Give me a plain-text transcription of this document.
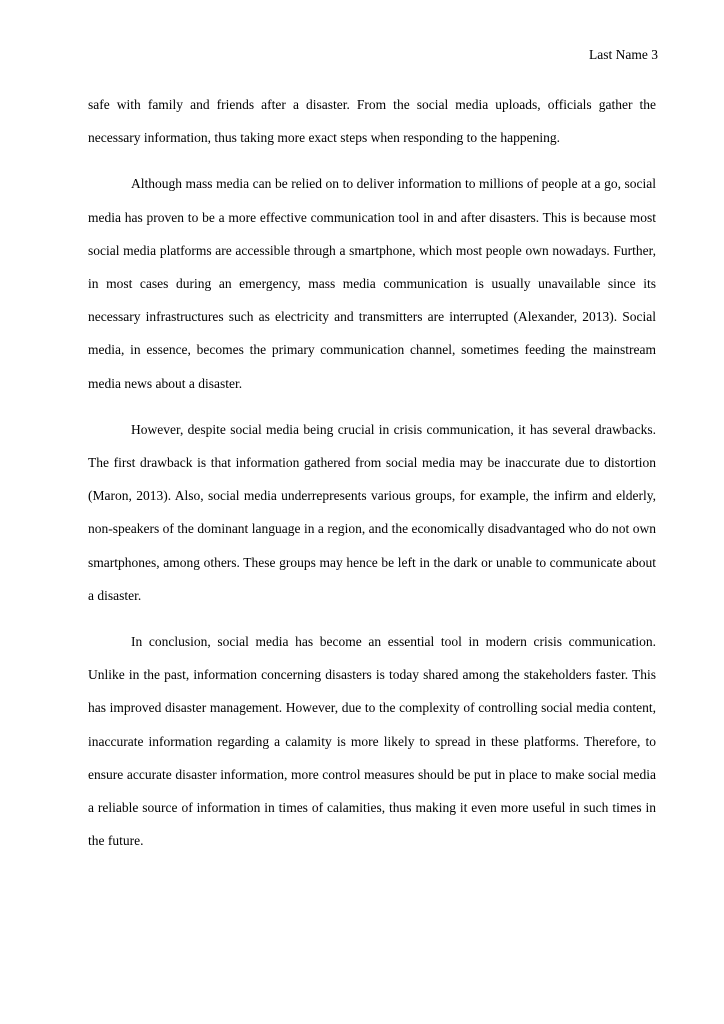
Last Name 3

safe with family and friends after a disaster. From the social media uploads, officials gather the necessary information, thus taking more exact steps when responding to the happening.

Although mass media can be relied on to deliver information to millions of people at a go, social media has proven to be a more effective communication tool in and after disasters. This is because most social media platforms are accessible through a smartphone, which most people own nowadays. Further, in most cases during an emergency, mass media communication is usually unavailable since its necessary infrastructures such as electricity and transmitters are interrupted (Alexander, 2013). Social media, in essence, becomes the primary communication channel, sometimes feeding the mainstream media news about a disaster.

However, despite social media being crucial in crisis communication, it has several drawbacks. The first drawback is that information gathered from social media may be inaccurate due to distortion (Maron, 2013). Also, social media underrepresents various groups, for example, the infirm and elderly, non-speakers of the dominant language in a region, and the economically disadvantaged who do not own smartphones, among others. These groups may hence be left in the dark or unable to communicate about a disaster.

In conclusion, social media has become an essential tool in modern crisis communication. Unlike in the past, information concerning disasters is today shared among the stakeholders faster. This has improved disaster management. However, due to the complexity of controlling social media content, inaccurate information regarding a calamity is more likely to spread in these platforms. Therefore, to ensure accurate disaster information, more control measures should be put in place to make social media a reliable source of information in times of calamities, thus making it even more useful in such times in the future.
